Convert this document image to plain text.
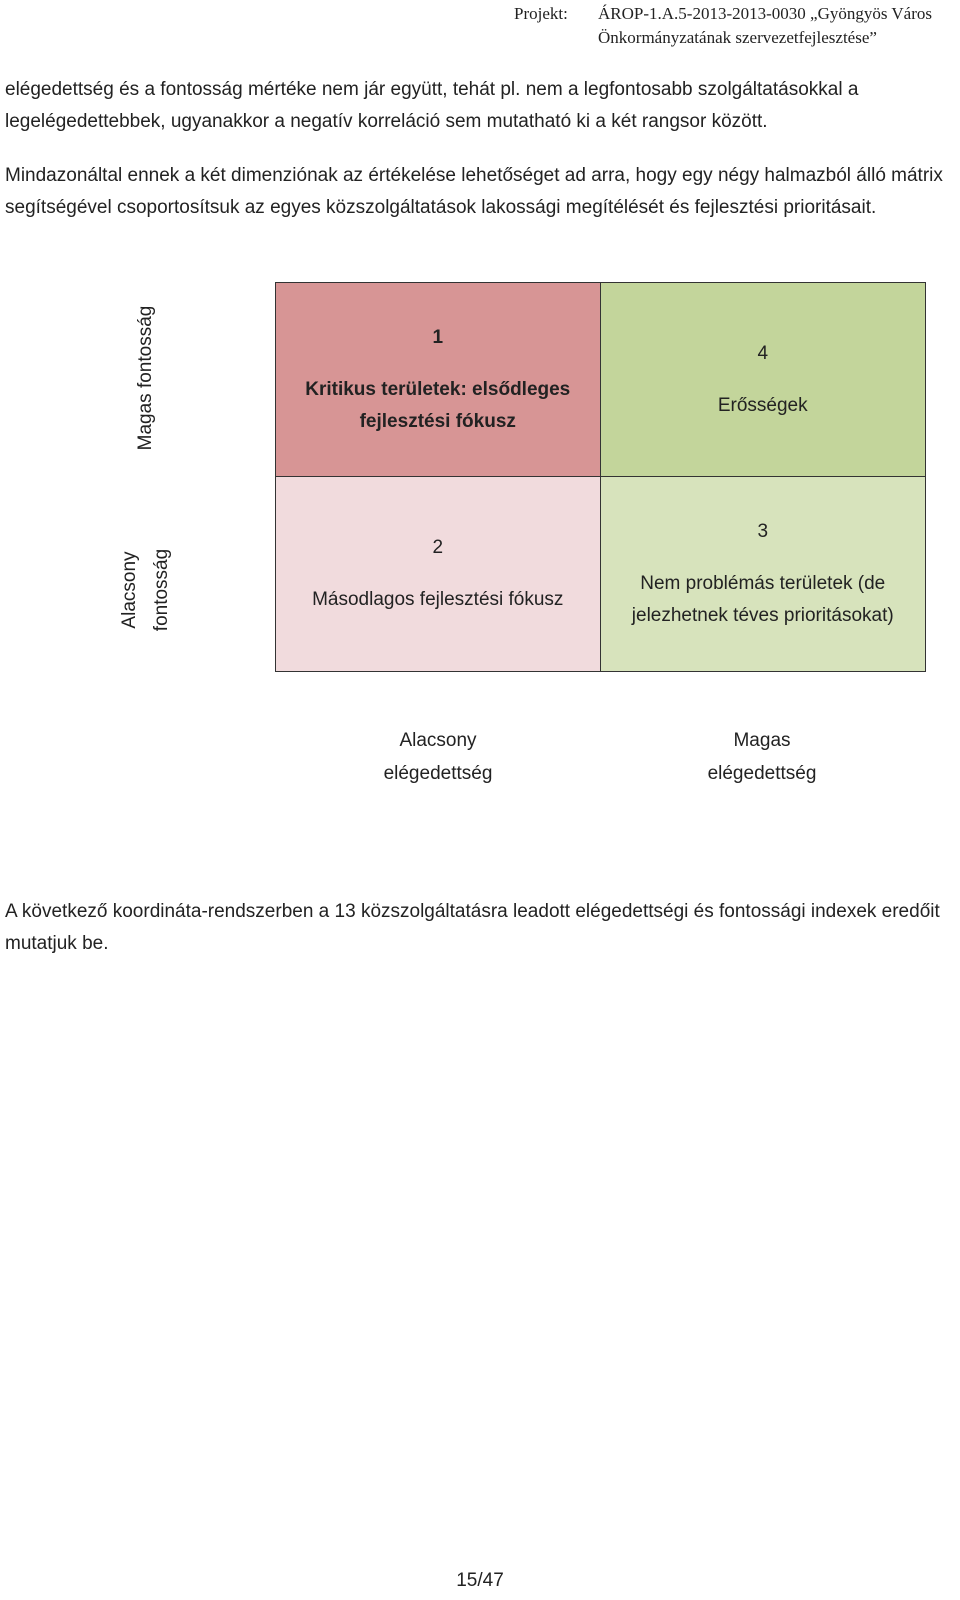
Projekt:	ÁROP-1.A.5-2013-2013-0030 „Gyöngyös Város
Önkormányzatának szervezetfejlesztése”

elégedettség és a fontosság mértéke nem jár együtt, tehát pl. nem a legfontosabb szolgáltatásokkal a legelégedettebbek, ugyanakkor a negatív korreláció sem mutatható ki a két rangsor között.

Mindazonáltal ennek a két dimenziónak az értékelése lehetőséget ad arra, hogy egy négy halmazból álló mátrix segítségével csoportosítsuk az egyes közszolgáltatások lakossági megítélését és fejlesztési prioritásait.

Magas fontosság
Alacsony fontosság
1
Kritikus területek: elsődleges fejlesztési fókusz
4
Erősségek
2
Másodlagos fejlesztési fókusz
3
Nem problémás területek (de jelezhetnek téves prioritásokat)
Alacsony
elégedettség
Magas
elégedettség

A következő koordináta-rendszerben a 13 közszolgáltatásra leadott elégedettségi és fontossági indexek eredőit mutatjuk be.

15/47
